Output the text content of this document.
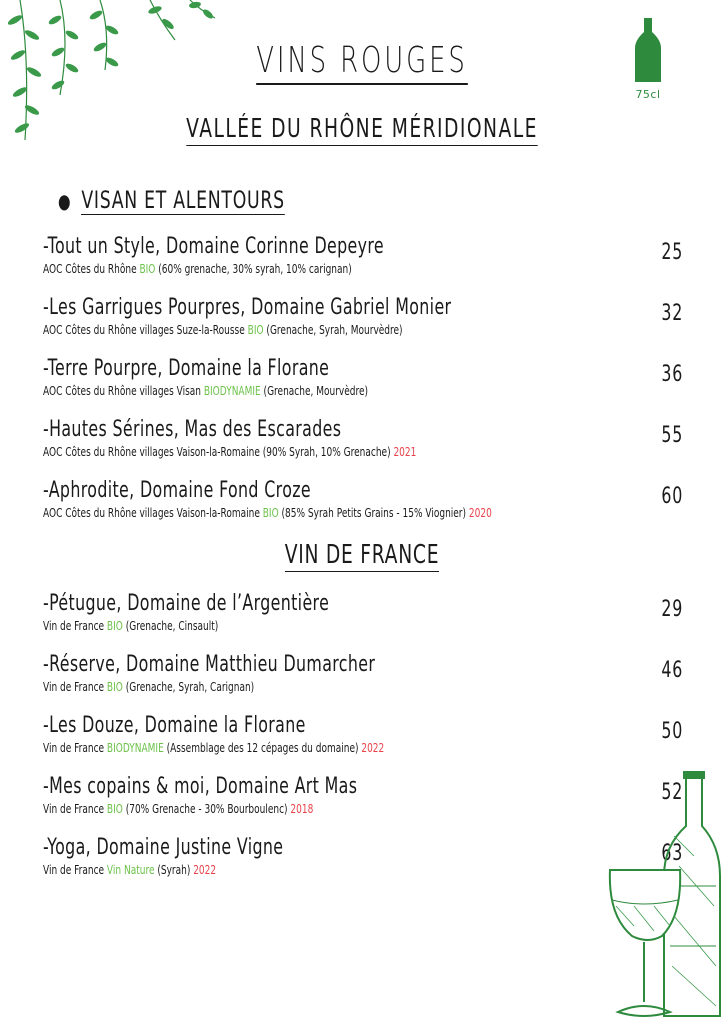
VINS ROUGES
75cl
VALLÉE DU RHÔNE MÉRIDIONALE
● VISAN ET ALENTOURS
-Tout un Style, Domaine Corinne Depeyre
AOC Côtes du Rhône BIO (60% grenache, 30% syrah, 10% carignan)
25
-Les Garrigues Pourpres, Domaine Gabriel Monier
AOC Côtes du Rhône villages Suze-la-Rousse BIO (Grenache, Syrah, Mourvèdre)
32
-Terre Pourpre, Domaine la Florane
AOC Côtes du Rhône villages Visan BIODYNAMIE (Grenache, Mourvèdre)
36
-Hautes Sérines, Mas des Escarades
AOC Côtes du Rhône villages Vaison-la-Romaine (90% Syrah, 10% Grenache) 2021
55
-Aphrodite, Domaine Fond Croze
AOC Côtes du Rhône villages Vaison-la-Romaine BIO (85% Syrah Petits Grains - 15% Viognier) 2020
60
VIN DE FRANCE
-Pétugue, Domaine de l’Argentière
Vin de France BIO (Grenache, Cinsault)
29
-Réserve, Domaine Matthieu Dumarcher
Vin de France BIO (Grenache, Syrah, Carignan)
46
-Les Douze, Domaine la Florane
Vin de France BIODYNAMIE (Assemblage des 12 cépages du domaine) 2022
50
-Mes copains & moi, Domaine Art Mas
Vin de France BIO (70% Grenache - 30% Bourboulenc) 2018
52
-Yoga, Domaine Justine Vigne
Vin de France Vin Nature (Syrah) 2022
63
